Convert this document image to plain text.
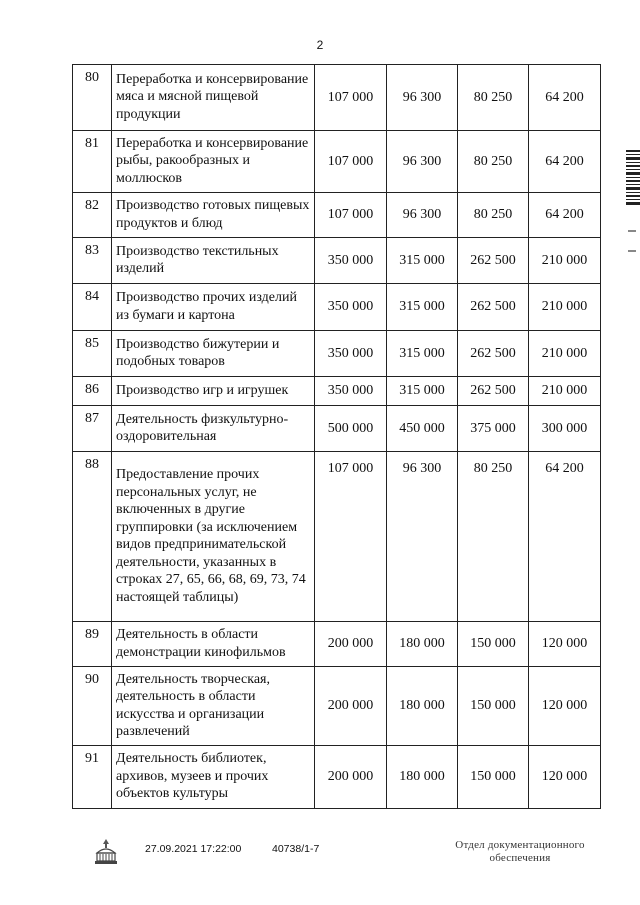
2
80	Переработка и консервирование мяса и мясной пищевой продукции	107 000	96 300	80 250	64 200
81	Переработка и консервирование рыбы, ракообразных и моллюсков	107 000	96 300	80 250	64 200
82	Производство готовых пищевых продуктов и блюд	107 000	96 300	80 250	64 200
83	Производство текстильных изделий	350 000	315 000	262 500	210 000
84	Производство прочих изделий из бумаги и картона	350 000	315 000	262 500	210 000
85	Производство бижутерии и подобных товаров	350 000	315 000	262 500	210 000
86	Производство игр и игрушек	350 000	315 000	262 500	210 000
87	Деятельность физкультурно-оздоровительная	500 000	450 000	375 000	300 000
88	Предоставление прочих персональных услуг, не включенных в другие группировки (за исключением видов предпринимательской деятельности, указанных в строках 27, 65, 66, 68, 69, 73, 74 настоящей таблицы)	107 000	96 300	80 250	64 200
89	Деятельность в области демонстрации кинофильмов	200 000	180 000	150 000	120 000
90	Деятельность творческая, деятельность в области искусства и организации развлечений	200 000	180 000	150 000	120 000
91	Деятельность библиотек, архивов, музеев и прочих объектов культуры	200 000	180 000	150 000	120 000
27.09.2021 17:22:00	40738/1-7	Отдел документационного
обеспечения
